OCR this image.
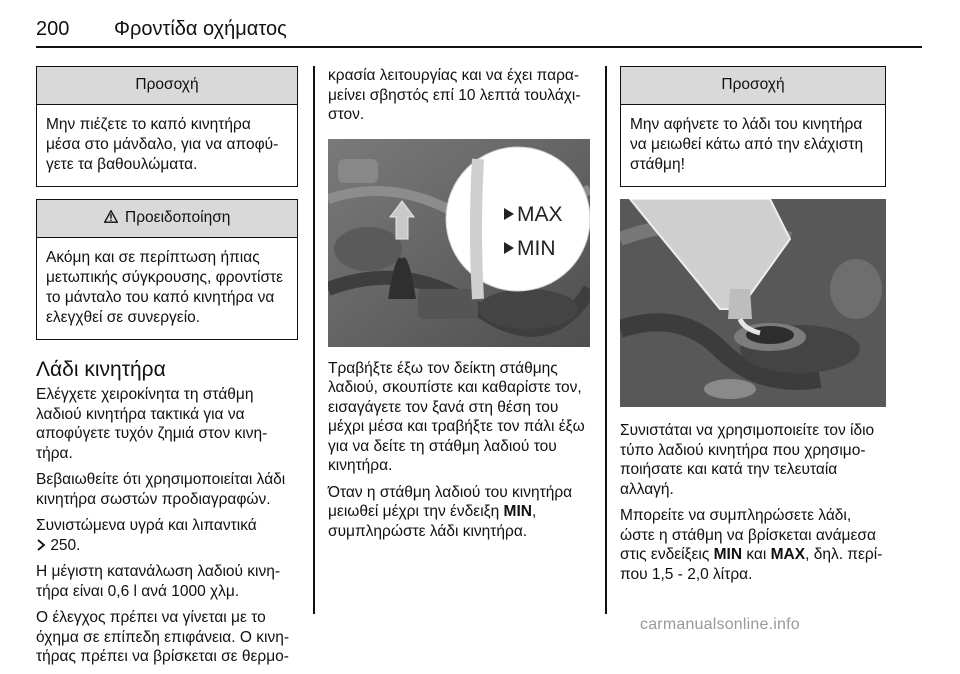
200 Φροντίδα οχήματος
Προσοχή
Μην πιέζετε το καπό κινητήρα μέσα στο μάνδαλο, για να αποφύγετε τα βαθουλώματα.
Προειδοποίηση
Ακόμη και σε περίπτωση ήπιας μετωπικής σύγκρουσης, φροντίστε το μάνταλο του καπό κινητήρα να ελεγχθεί σε συνεργείο.
Λάδι κινητήρα

Ελέγχετε χειροκίνητα τη στάθμη λαδιού κινητήρα τακτικά για να αποφύγετε τυχόν ζημιά στον κινητήρα.

Βεβαιωθείτε ότι χρησιμοποιείται λάδι κινητήρα σωστών προδιαγραφών.

Συνιστώμενα υγρά και λιπαντικά
250.

Η μέγιστη κατανάλωση λαδιού κινητήρα είναι 0,6 l ανά 1000 χλμ.

Ο έλεγχος πρέπει να γίνεται με το όχημα σε επίπεδη επιφάνεια. Ο κινητήρας πρέπει να βρίσκεται σε θερμο-

κρασία λειτουργίας και να έχει παραμείνει σβηστός επί 10 λεπτά τουλάχιστον.

MAX
MIN

Τραβήξτε έξω τον δείκτη στάθμης λαδιού, σκουπίστε και καθαρίστε τον, εισαγάγετε τον ξανά στη θέση του μέχρι μέσα και τραβήξτε τον πάλι έξω για να δείτε τη στάθμη λαδιού του κινητήρα.

Όταν η στάθμη λαδιού του κινητήρα μειωθεί μέχρι την ένδειξη MIN, συμπληρώστε λάδι κινητήρα.

Προσοχή
Μην αφήνετε το λάδι του κινητήρα να μειωθεί κάτω από την ελάχιστη στάθμη!

Συνιστάται να χρησιμοποιείτε τον ίδιο τύπο λαδιού κινητήρα που χρησιμοποιήσατε και κατά την τελευταία αλλαγή.

Μπορείτε να συμπληρώσετε λάδι, ώστε η στάθμη να βρίσκεται ανάμεσα στις ενδείξεις MIN και MAX, δηλ. περίπου 1,5 - 2,0 λίτρα.

carmanualsonline.info
